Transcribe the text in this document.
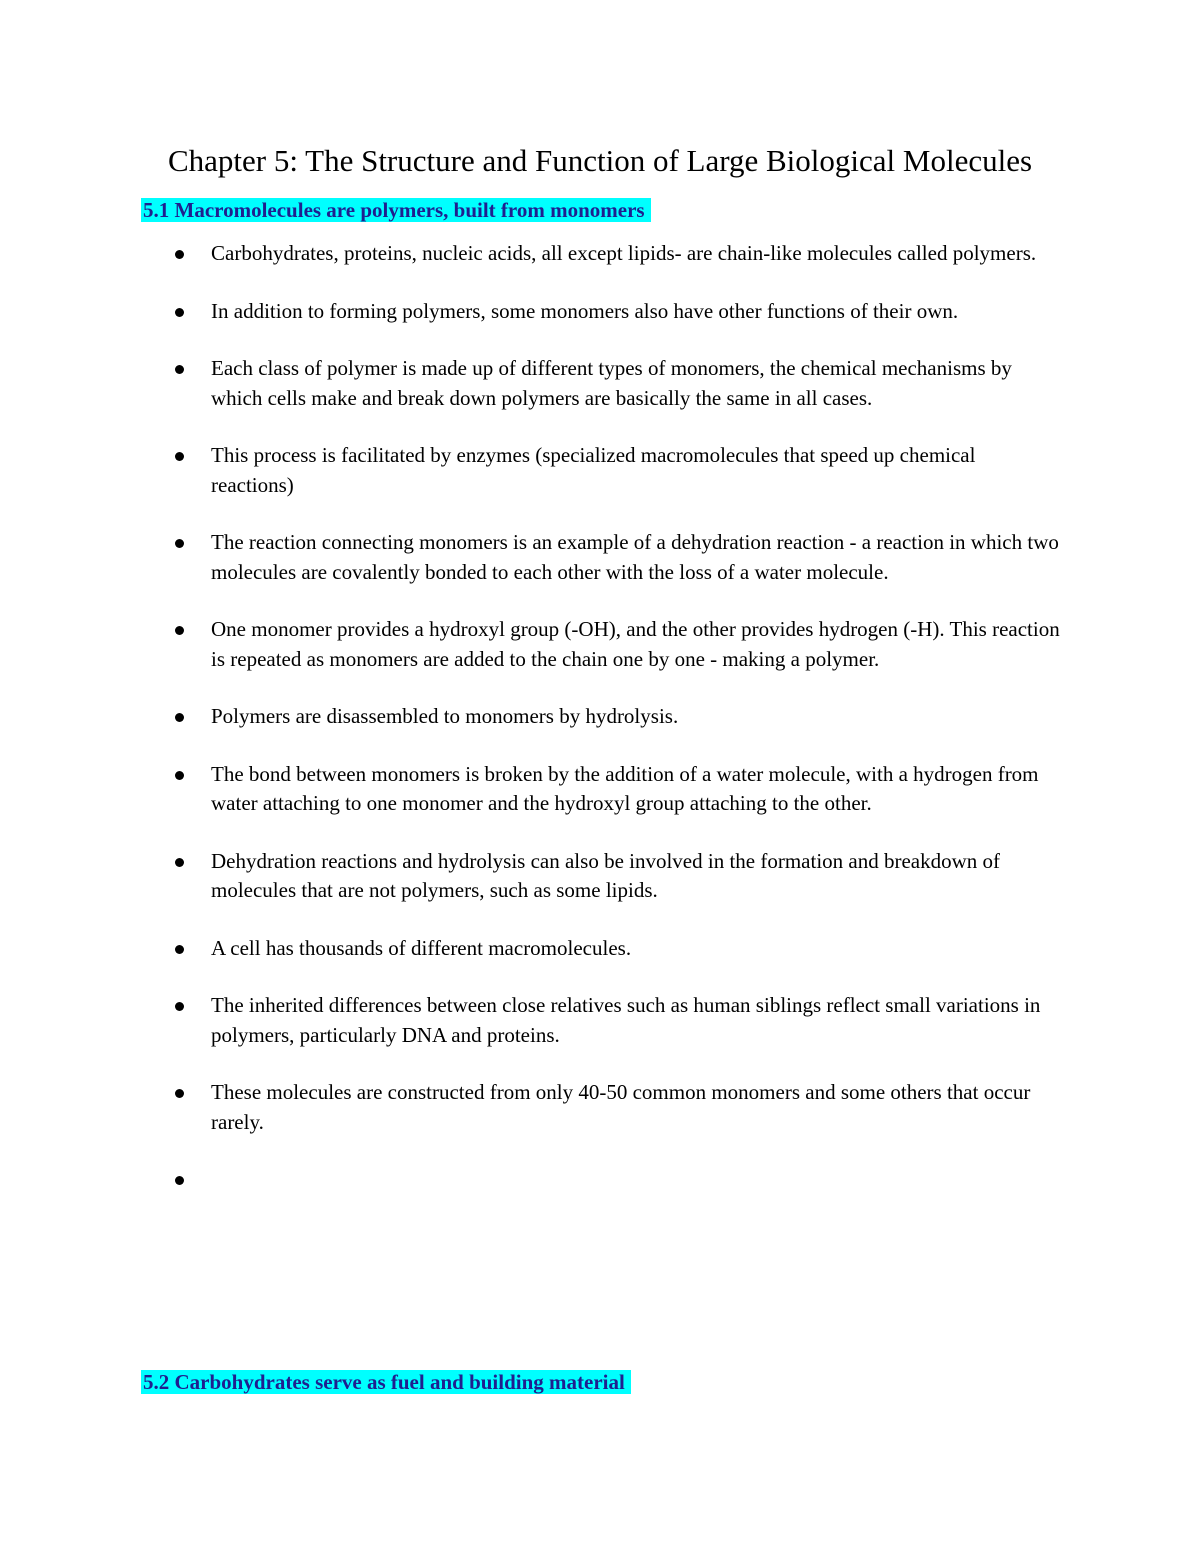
Chapter 5: The Structure and Function of Large Biological Molecules
5.1 Macromolecules are polymers, built from monomers
Carbohydrates, proteins, nucleic acids, all except lipids- are chain-like molecules called polymers.
In addition to forming polymers, some monomers also have other functions of their own.
Each class of polymer is made up of different types of monomers, the chemical mechanisms by which cells make and break down polymers are basically the same in all cases.
This process is facilitated by enzymes (specialized macromolecules that speed up chemical reactions)
The reaction connecting monomers is an example of a dehydration reaction - a reaction in which two molecules are covalently bonded to each other with the loss of a water molecule.
One monomer provides a hydroxyl group (-OH), and the other provides hydrogen (-H). This reaction is repeated as monomers are added to the chain one by one - making a polymer.
Polymers are disassembled to monomers by hydrolysis.
The bond between monomers is broken by the addition of a water molecule, with a hydrogen from water attaching to one monomer and the hydroxyl group attaching to the other.
Dehydration reactions and hydrolysis can also be involved in the formation and breakdown of molecules that are not polymers, such as some lipids.
A cell has thousands of different macromolecules.
The inherited differences between close relatives such as human siblings reflect small variations in polymers, particularly DNA and proteins.
These molecules are constructed from only 40-50 common monomers and some others that occur rarely.

5.2 Carbohydrates serve as fuel and building material
